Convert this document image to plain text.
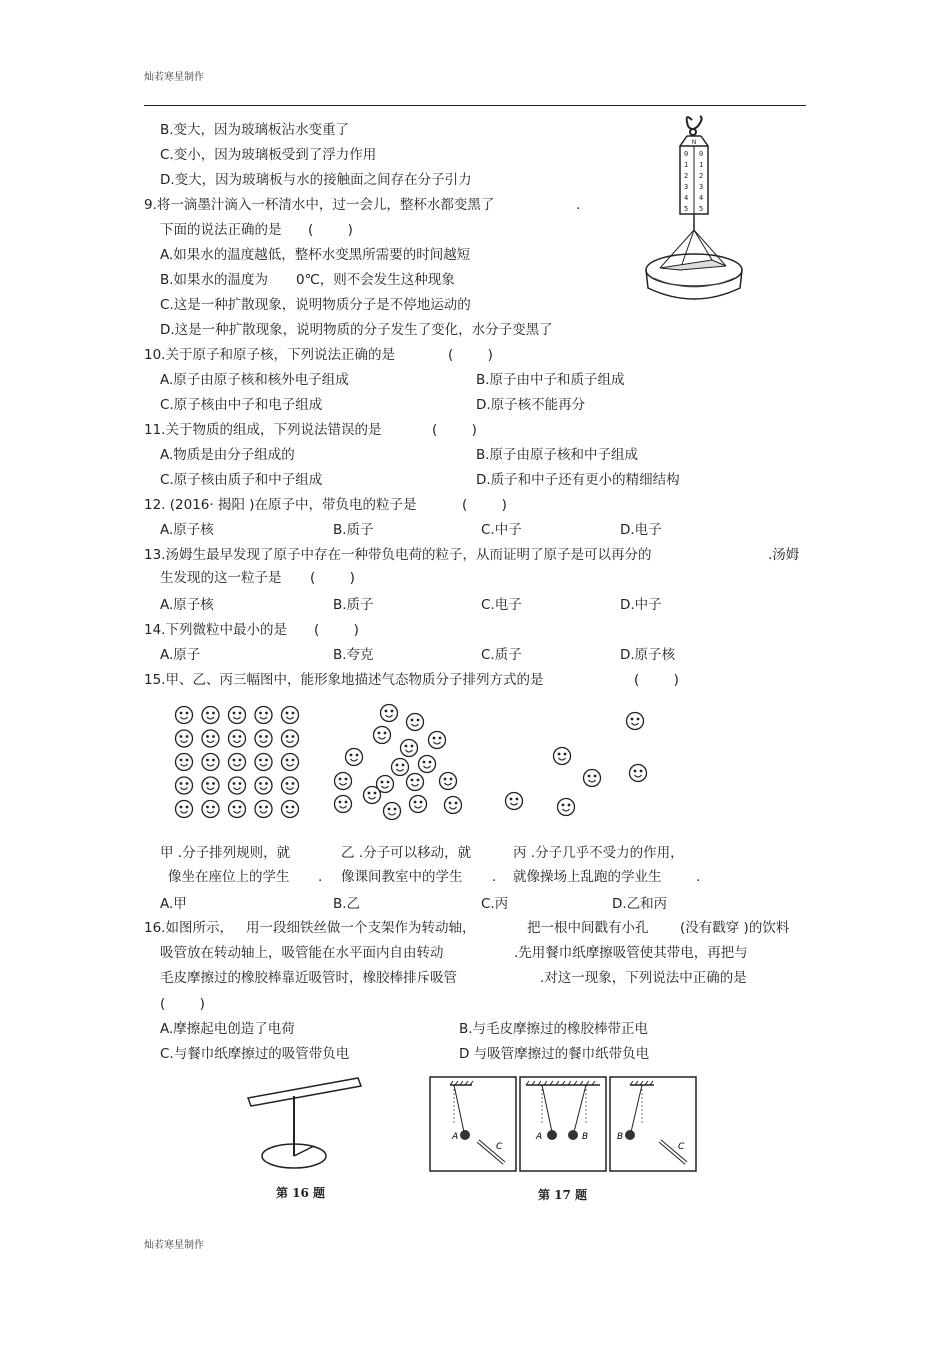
灿若寒星制作
B.变大，因为玻璃板沾水变重了
C.变小，因为玻璃板受到了浮力作用
D.变大，因为玻璃板与水的接触面之间存在分子引力
9.将一滴墨汁滴入一杯清水中，过一会儿，整杯水都变黑了	.
下面的说法正确的是 (        )
A.如果水的温度越低，整杯水变黑所需要的时间越短
B.如果水的温度为 0℃，则不会发生这种现象
C.这是一种扩散现象，说明物质分子是不停地运动的
D.这是一种扩散现象，说明物质的分子发生了变化，水分子变黑了
N
0
1
2
3
4
5
0
1
2
3
4
5
10.关于原子和原子核，下列说法正确的是	(        )
A.原子由原子核和核外电子组成	B.原子由中子和质子组成
C.原子核由中子和电子组成	D.原子核不能再分
11.关于物质的组成，下列说法错误的是	(        )
A.物质是由分子组成的	B.原子由原子核和中子组成
C.原子核由质子和中子组成	D.质子和中子还有更小的精细结构
12. (2016· 揭阳 )在原子中，带负电的粒子是	(        )
A.原子核	B.质子	C.中子	D.电子
13.汤姆生最早发现了原子中存在一种带负电荷的粒子，从而证明了原子是可以再分的	.汤姆
生发现的这一粒子是 (        )
A.原子核	B.质子	C.电子	D.中子
14.下列微粒中最小的是 (        )
A.原子	B.夸克	C.质子	D.原子核
15.甲、乙、丙三幅图中，能形象地描述气态物质分子排列方式的是	(        )
甲 .分子排列规则，就
像坐在座位上的学生 .
乙 .分子可以移动，就
像课间教室中的学生 .
丙 .分子几乎不受力的作用，
就像操场上乱跑的学业生	.
A.甲	B.乙	C.丙	D.乙和丙
16.如图所示， 用一段细铁丝做一个支架作为转动轴，	把一根中间戳有小孔 (没有戳穿 )的饮料
吸管放在转动轴上，吸管能在水平面内自由转动	.先用餐巾纸摩擦吸管使其带电，再把与
毛皮摩擦过的橡胶棒靠近吸管时，橡胶棒排斥吸管	.对这一现象，下列说法中正确的是
(        )
A.摩擦起电创造了电荷	B.与毛皮摩擦过的橡胶棒带正电
C.与餐巾纸摩擦过的吸管带负电	D 与吸管摩擦过的餐巾纸带负电
第 16 题
A
C
A	B	B
C
第 17 题
灿若寒星制作
